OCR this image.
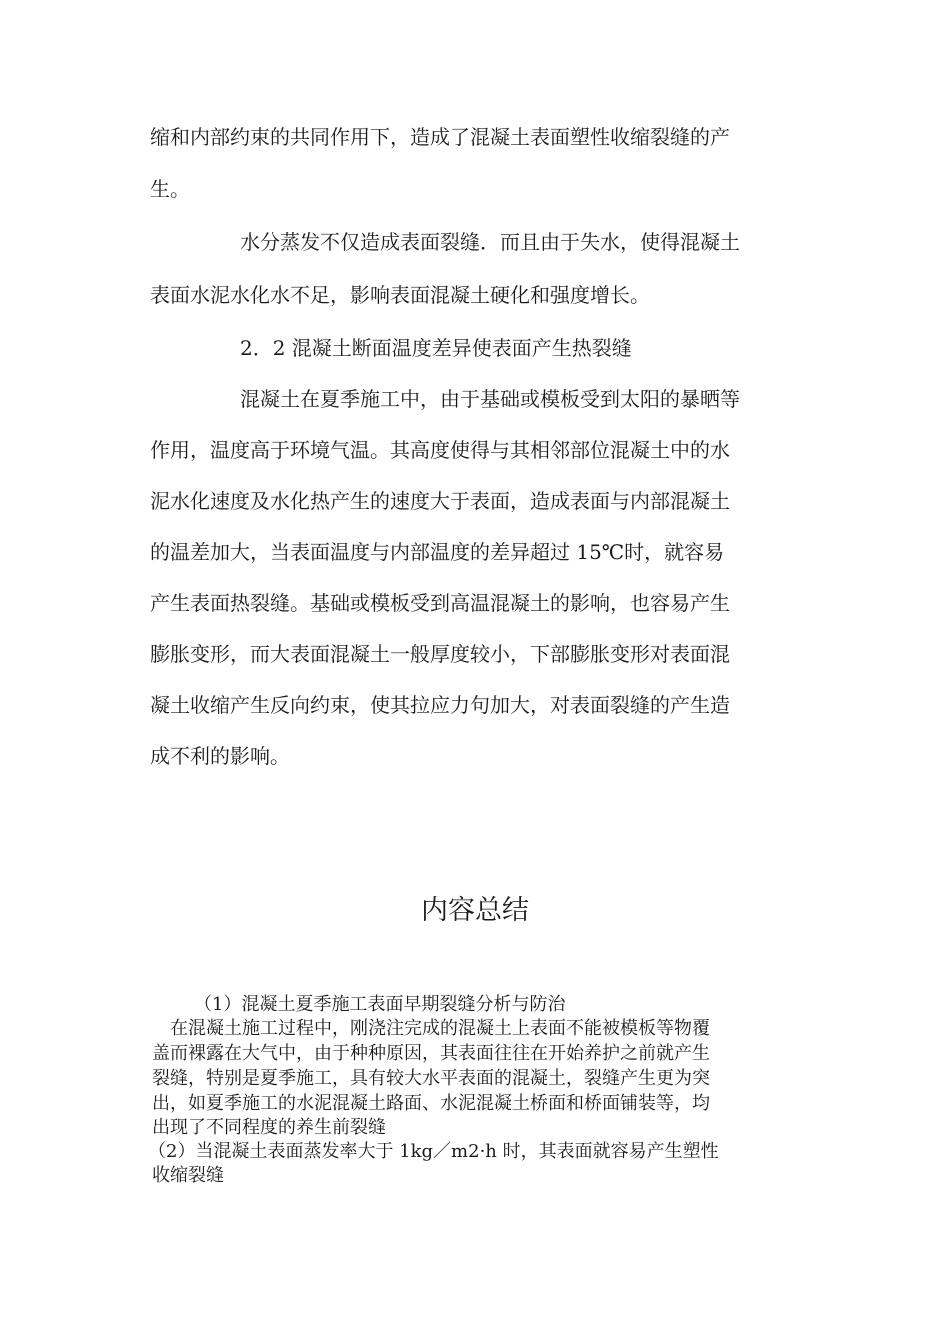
缩和内部约束的共同作用下，造成了混凝土表面塑性收缩裂缝的产
生。
水分蒸发不仅造成表面裂缝．而且由于失水，使得混凝土
表面水泥水化水不足，影响表面混凝土硬化和强度增长。
2．2 混凝土断面温度差异使表面产生热裂缝
混凝土在夏季施工中，由于基础或模板受到太阳的暴晒等
作用，温度高于环境气温。其高度使得与其相邻部位混凝土中的水
泥水化速度及水化热产生的速度大于表面，造成表面与内部混凝土
的温差加大，当表面温度与内部温度的差异超过 15℃时，就容易
产生表面热裂缝。基础或模板受到高温混凝土的影响，也容易产生
膨胀变形，而大表面混凝土一般厚度较小，下部膨胀变形对表面混
凝土收缩产生反向约束，使其拉应力句加大，对表面裂缝的产生造
成不利的影响。
内容总结
（1）混凝土夏季施工表面早期裂缝分析与防治
在混凝土施工过程中，刚浇注完成的混凝土上表面不能被模板等物覆
盖而裸露在大气中，由于种种原因，其表面往往在开始养护之前就产生
裂缝，特别是夏季施工，具有较大水平表面的混凝土，裂缝产生更为突
出，如夏季施工的水泥混凝土路面、水泥混凝土桥面和桥面铺装等，均
出现了不同程度的养生前裂缝
（2）当混凝土表面蒸发率大于 1kg／m2·h 时，其表面就容易产生塑性
收缩裂缝
